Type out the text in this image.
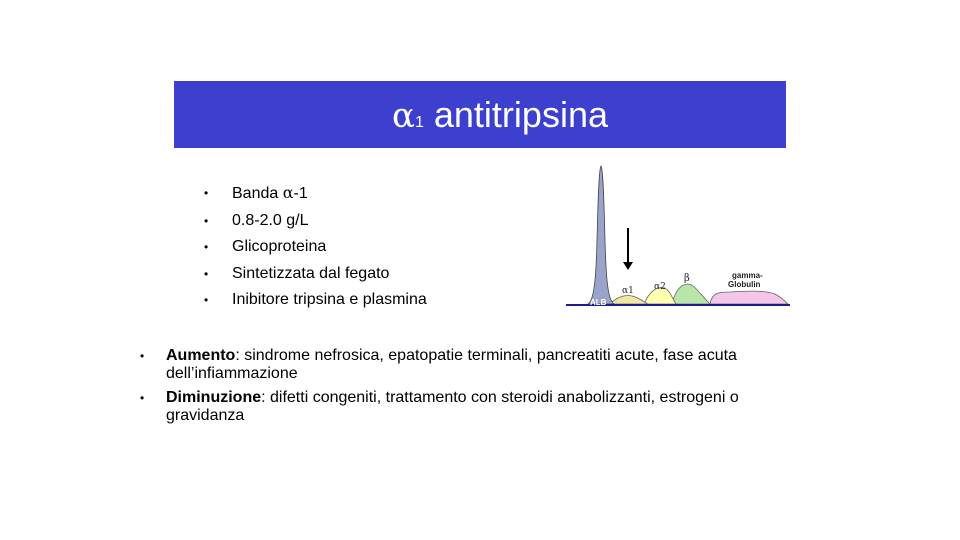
α1 antitripsina
• Banda α-1
• 0.8-2.0 g/L
• Glicoproteina
• Sintetizzata dal fegato
• Inibitore tripsina e plasmina	ALB
α1 α2
β	gamma-
Globulin
• Aumento: sindrome nefrosica, epatopatie terminali, pancreatiti acute, fase acuta dell’infiammazione
• Diminuzione: difetti congeniti, trattamento con steroidi anabolizzanti, estrogeni o gravidanza
